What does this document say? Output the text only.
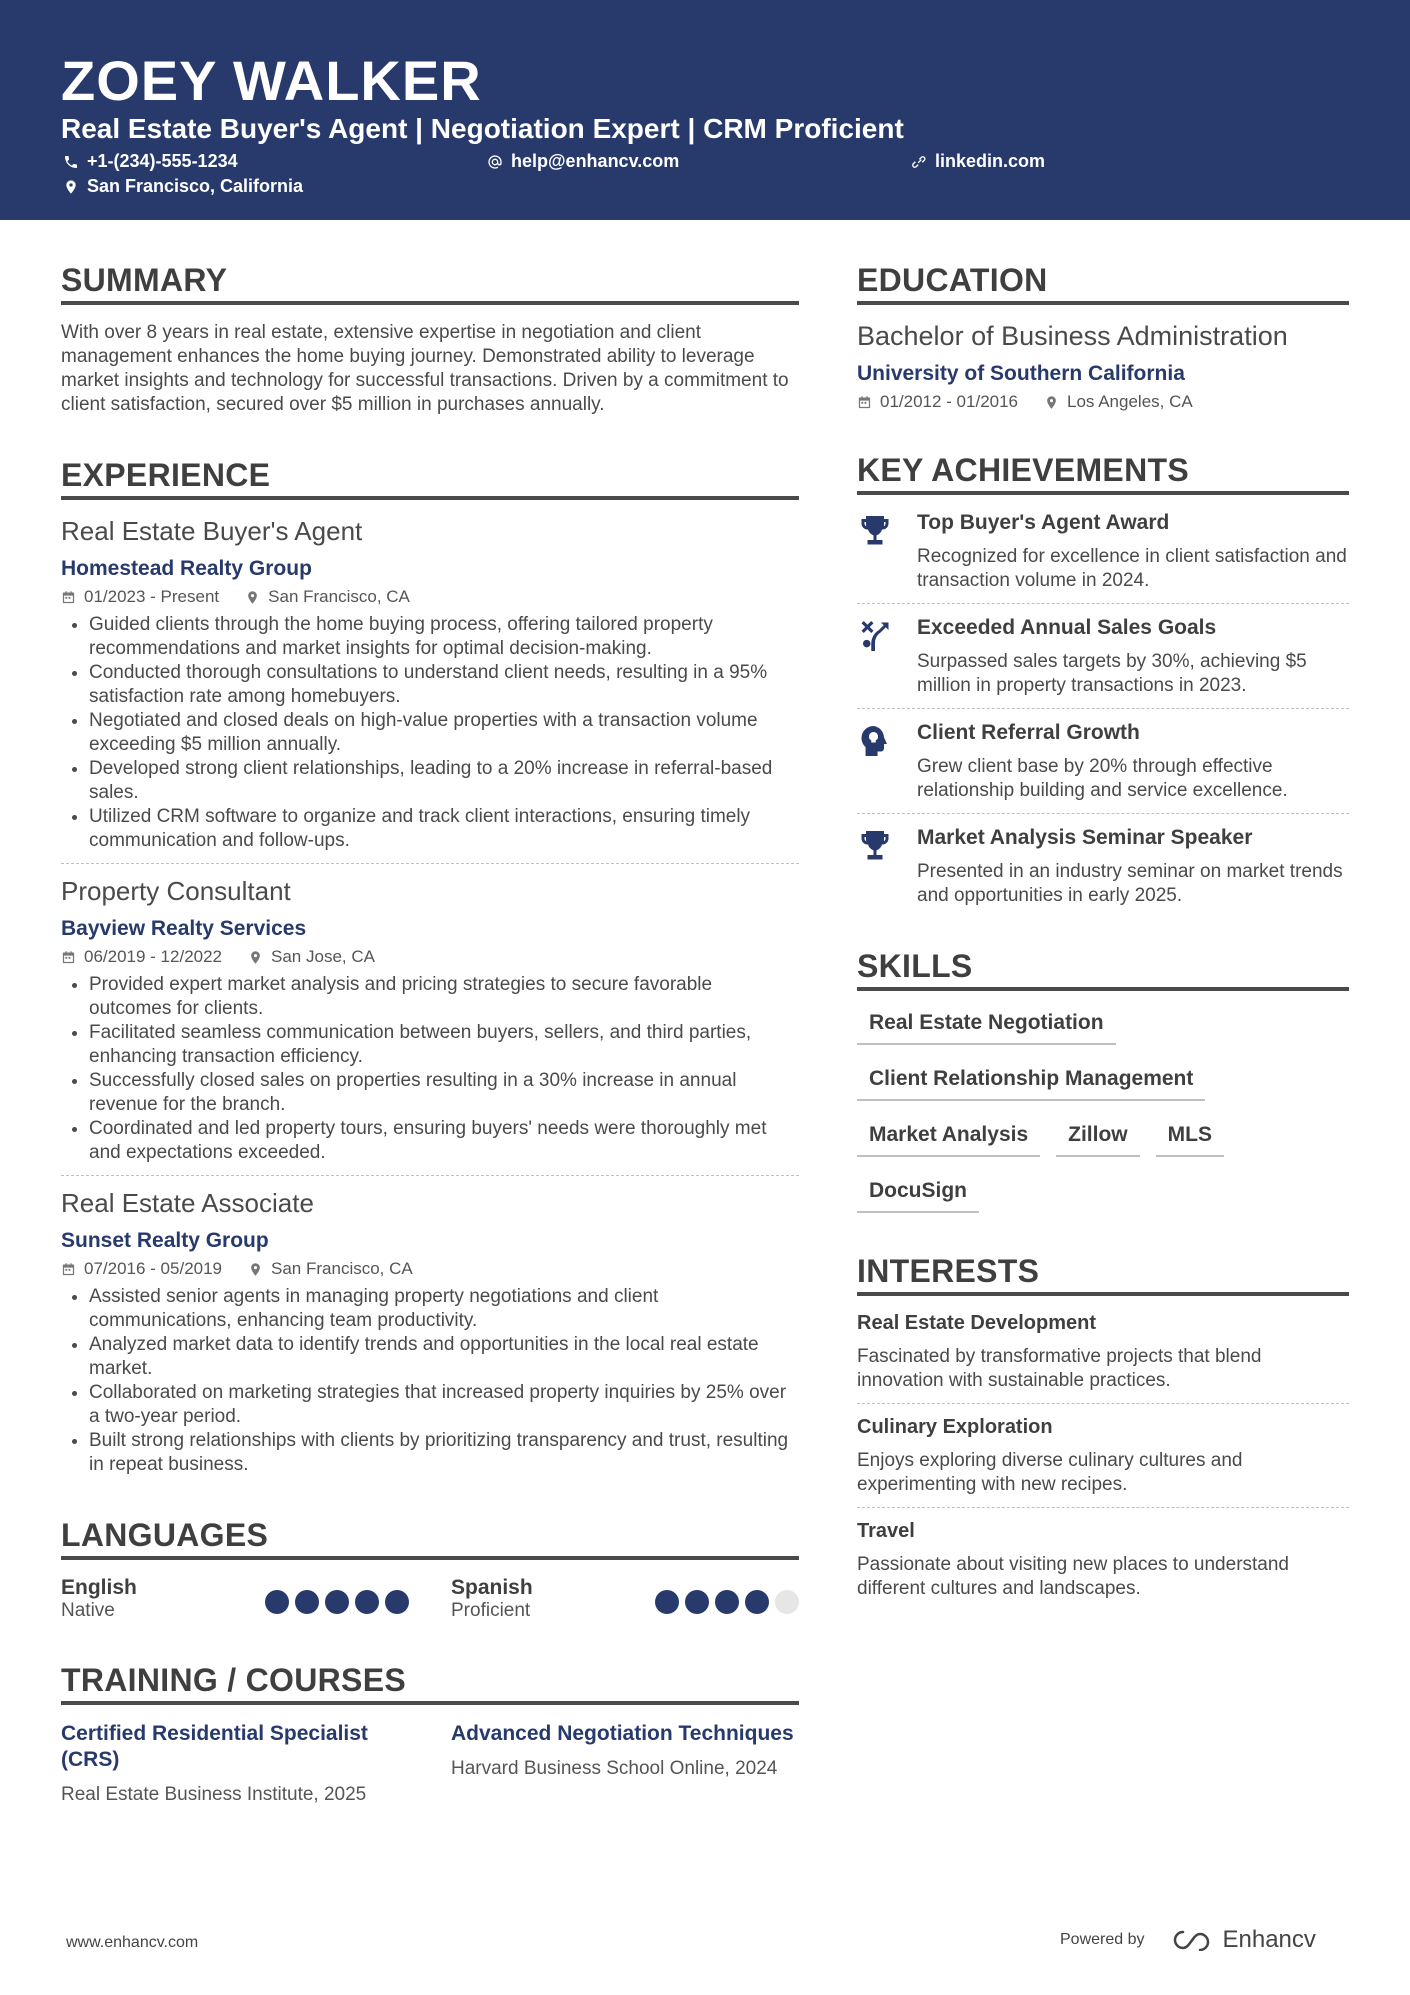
ZOEY WALKER
Real Estate Buyer's Agent | Negotiation Expert | CRM Proficient
+1-(234)-555-1234	help@enhancv.com	linkedin.com
San Francisco, California
SUMMARY

With over 8 years in real estate, extensive expertise in negotiation and client management enhances the home buying journey. Demonstrated ability to leverage market insights and technology for successful transactions. Driven by a commitment to client satisfaction, secured over $5 million in purchases annually.

EXPERIENCE
Real Estate Buyer's Agent
Homestead Realty Group
01/2023 - Present	San Francisco, CA
• Guided clients through the home buying process, offering tailored property recommendations and market insights for optimal decision-making.
• Conducted thorough consultations to understand client needs, resulting in a 95% satisfaction rate among homebuyers.
• Negotiated and closed deals on high-value properties with a transaction volume exceeding $5 million annually.
• Developed strong client relationships, leading to a 20% increase in referral-based sales.
• Utilized CRM software to organize and track client interactions, ensuring timely communication and follow-ups.
Property Consultant
Bayview Realty Services
06/2019 - 12/2022	San Jose, CA
• Provided expert market analysis and pricing strategies to secure favorable outcomes for clients.
• Facilitated seamless communication between buyers, sellers, and third parties, enhancing transaction efficiency.
• Successfully closed sales on properties resulting in a 30% increase in annual revenue for the branch.
• Coordinated and led property tours, ensuring buyers' needs were thoroughly met and expectations exceeded.
Real Estate Associate
Sunset Realty Group
07/2016 - 05/2019	San Francisco, CA
• Assisted senior agents in managing property negotiations and client communications, enhancing team productivity.
• Analyzed market data to identify trends and opportunities in the local real estate market.
• Collaborated on marketing strategies that increased property inquiries by 25% over a two-year period.
• Built strong relationships with clients by prioritizing transparency and trust, resulting in repeat business.
LANGUAGES
English
Native
Spanish
Proficient
TRAINING / COURSES
Certified Residential Specialist (CRS)
Real Estate Business Institute, 2025
Advanced Negotiation Techniques
Harvard Business School Online, 2024
EDUCATION
Bachelor of Business Administration
University of Southern California
01/2012 - 01/2016	Los Angeles, CA
KEY ACHIEVEMENTS
Top Buyer's Agent Award
Recognized for excellence in client satisfaction and transaction volume in 2024.
Exceeded Annual Sales Goals
Surpassed sales targets by 30%, achieving $5 million in property transactions in 2023.
Client Referral Growth
Grew client base by 20% through effective relationship building and service excellence.
Market Analysis Seminar Speaker
Presented in an industry seminar on market trends and opportunities in early 2025.
SKILLS
Real Estate Negotiation
Client Relationship Management
Market Analysis	Zillow	MLS
DocuSign
INTERESTS
Real Estate Development
Fascinated by transformative projects that blend innovation with sustainable practices.
Culinary Exploration
Enjoys exploring diverse culinary cultures and experimenting with new recipes.
Travel
Passionate about visiting new places to understand different cultures and landscapes.
www.enhancv.com	Powered by	Enhancv
